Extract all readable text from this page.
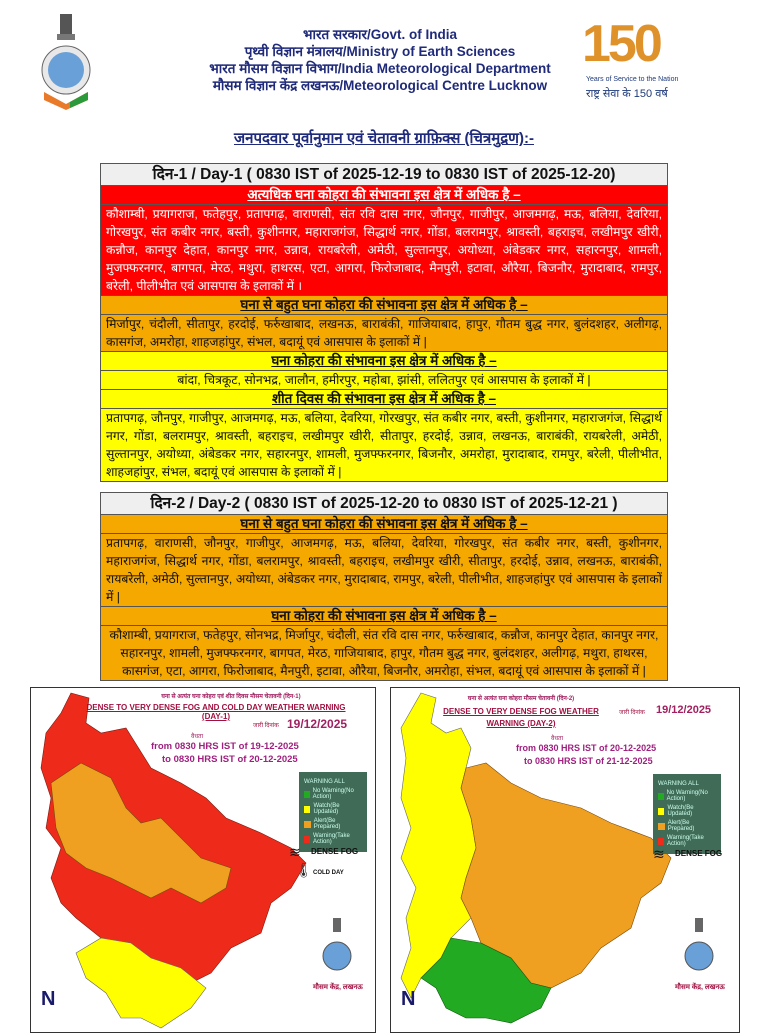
भारत सरकार/Govt. of India
पृथ्वी विज्ञान मंत्रालय/Ministry of Earth Sciences
भारत मौसम विज्ञान विभाग/India Meteorological Department
मौसम विज्ञान केंद्र लखनऊ/Meteorological Centre Lucknow
150
Years of Service to the Nation
राष्ट्र सेवा के 150 वर्ष
जनपदवार पूर्वानुमान एवं चेतावनी ग्राफ़िक्स (चित्रमुद्रण):-
दिन-1 / Day-1 ( 0830 IST of 2025-12-19 to 0830 IST of 2025-12-20)
अत्यधिक घना कोहरा की संभावना इस क्षेत्र में अधिक है –

कौशाम्बी, प्रयागराज, फतेहपुर, प्रतापगढ़, वाराणसी, संत रवि दास नगर, जौनपुर, गाजीपुर, आजमगढ़, मऊ, बलिया, देवरिया, गोरखपुर, संत कबीर नगर, बस्ती, कुशीनगर, महाराजगंज, सिद्धार्थ नगर, गोंडा, बलरामपुर, श्रावस्ती, बहराइच, लखीमपुर खीरी, कन्नौज, कानपुर देहात, कानपुर नगर, उन्नाव, रायबरेली, अमेठी, सुल्तानपुर, अयोध्या, अंबेडकर नगर, सहारनपुर, शामली, मुजफ्फरनगर, बागपत, मेरठ, मथुरा, हाथरस, एटा, आगरा, फिरोजाबाद, मैनपुरी, इटावा, औरैया, बिजनौर, मुरादाबाद, रामपुर, बरेली, पीलीभीत एवं आसपास के इलाकों में ।

घना से बहुत घना कोहरा की संभावना इस क्षेत्र में अधिक है –

मिर्जापुर, चंदौली, सीतापुर, हरदोई, फर्रुखाबाद, लखनऊ, बाराबंकी, गाजियाबाद, हापुर, गौतम बुद्ध नगर, बुलंदशहर, अलीगढ़, कासगंज, अमरोहा, शाहजहांपुर, संभल, बदायूं एवं आसपास के इलाकों में |

घना कोहरा की संभावना इस क्षेत्र में अधिक है –

बांदा, चित्रकूट, सोनभद्र, जालौन, हमीरपुर, महोबा, झांसी, ललितपुर एवं आसपास के इलाकों में |

शीत दिवस की संभावना इस क्षेत्र में अधिक है –

प्रतापगढ़, जौनपुर, गाजीपुर, आजमगढ़, मऊ, बलिया, देवरिया, गोरखपुर, संत कबीर नगर, बस्ती, कुशीनगर, महाराजगंज, सिद्धार्थ नगर, गोंडा, बलरामपुर, श्रावस्ती, बहराइच, लखीमपुर खीरी, सीतापुर, हरदोई, उन्नाव, लखनऊ, बाराबंकी, रायबरेली, अमेठी, सुल्तानपुर, अयोध्या, अंबेडकर नगर, सहारनपुर, शामली, मुजफ्फरनगर, बिजनौर, अमरोहा, मुरादाबाद, रामपुर, बरेली, पीलीभीत, शाहजहांपुर, संभल, बदायूं एवं आसपास के इलाकों में |

दिन-2 / Day-2 ( 0830 IST of 2025-12-20 to 0830 IST of 2025-12-21 )
घना से बहुत घना कोहरा की संभावना इस क्षेत्र में अधिक है –

प्रतापगढ़, वाराणसी, जौनपुर, गाजीपुर, आजमगढ़, मऊ, बलिया, देवरिया, गोरखपुर, संत कबीर नगर, बस्ती, कुशीनगर, महाराजगंज, सिद्धार्थ नगर, गोंडा, बलरामपुर, श्रावस्ती, बहराइच, लखीमपुर खीरी, सीतापुर, हरदोई, उन्नाव, लखनऊ, बाराबंकी, रायबरेली, अमेठी, सुल्तानपुर, अयोध्या, अंबेडकर नगर, मुरादाबाद, रामपुर, बरेली, पीलीभीत, शाहजहांपुर एवं आसपास के इलाकों में |

घना कोहरा की संभावना इस क्षेत्र में अधिक है –

कौशाम्बी, प्रयागराज, फतेहपुर, सोनभद्र, मिर्जापुर, चंदौली, संत रवि दास नगर, फर्रुखाबाद, कन्नौज, कानपुर देहात, कानपुर नगर, सहारनपुर, शामली, मुजफ्फरनगर, बागपत, मेरठ, गाजियाबाद, हापुर, गौतम बुद्ध नगर, बुलंदशहर, अलीगढ़, मथुरा, हाथरस, कासगंज, एटा, आगरा, फिरोजाबाद, मैनपुरी, इटावा, औरैया, बिजनौर, अमरोहा, संभल, बदायूं एवं आसपास के इलाकों में |

घना से अत्यंत घना कोहरा एवं शीत दिवस मौसम चेतावनी (दिन-1)
DENSE TO VERY DENSE FOG AND COLD DAY WEATHER WARNING (DAY-1)
जारी दिनांक 19/12/2025
वैधता
from 0830 HRS IST of 19-12-2025
to 0830 HRS IST of 20-12-2025
WARNING ALL
No Warning(No Action)
Watch(Be Updated)
Alert(Be Prepared)
Warning(Take Action)
≋ DENSE FOG
🌡 COLD DAY
मौसम केंद्र, लखनऊ
N
घना से अत्यंत घना कोहरा मौसम चेतावनी (दिन-2)
DENSE TO VERY DENSE FOG WEATHER WARNING (DAY-2)
जारी दिनांक 19/12/2025
वैधता
from 0830 HRS IST of 20-12-2025
to 0830 HRS IST of 21-12-2025
WARNING ALL
No Warning(No Action)
Watch(Be Updated)
Alert(Be Prepared)
Warning(Take Action)
≋ DENSE FOG
मौसम केंद्र, लखनऊ
N
